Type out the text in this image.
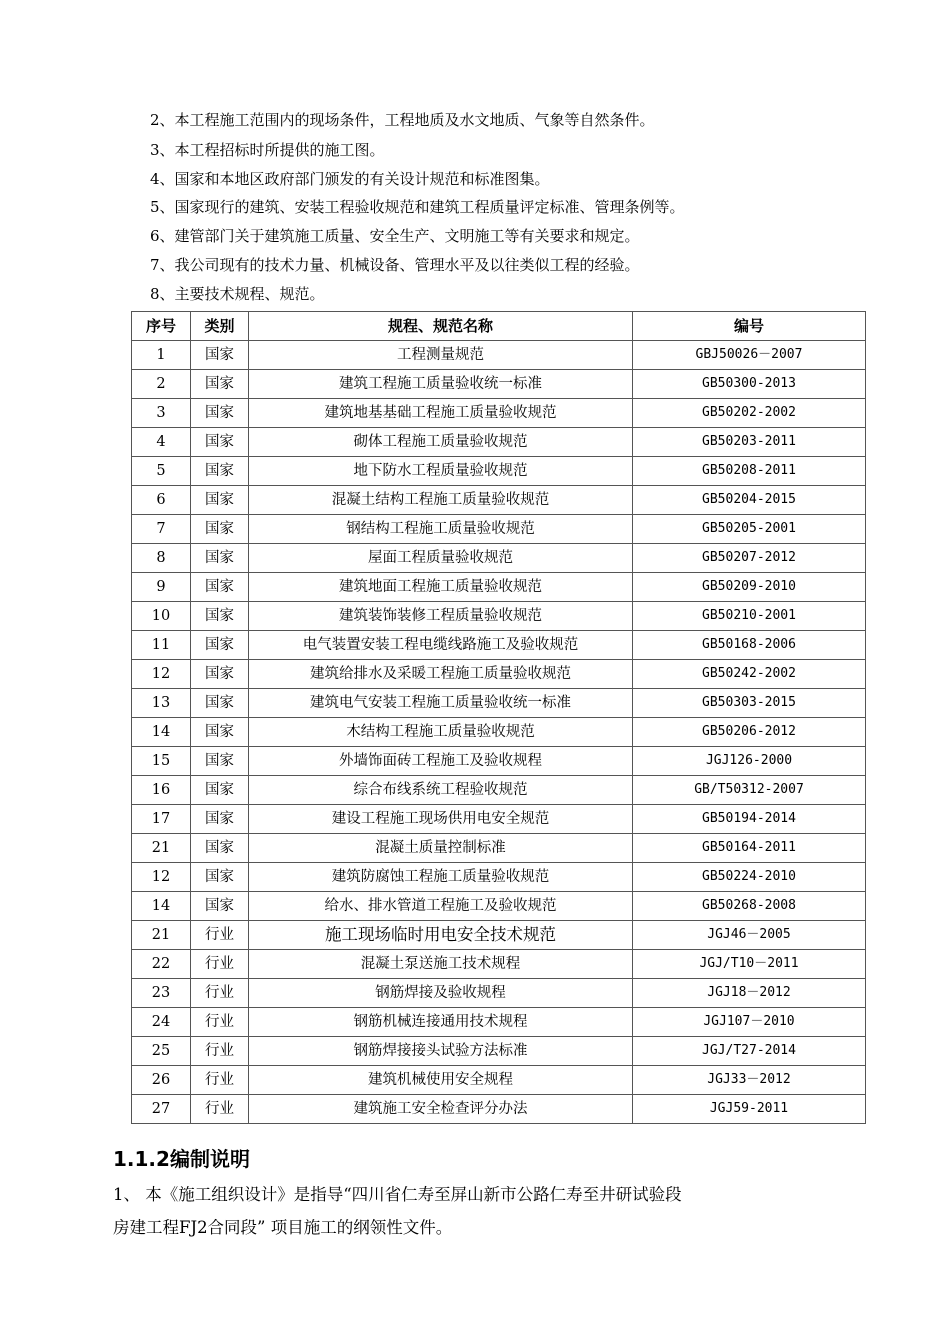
2、本工程施工范围内的现场条件，工程地质及水文地质、气象等自然条件。
3、本工程招标时所提供的施工图。
4、国家和本地区政府部门颁发的有关设计规范和标准图集。
5、国家现行的建筑、安装工程验收规范和建筑工程质量评定标准、管理条例等。
6、建管部门关于建筑施工质量、安全生产、文明施工等有关要求和规定。
7、我公司现有的技术力量、机械设备、管理水平及以往类似工程的经验。
8、主要技术规程、规范。
序号	类别	规程、规范名称	编号
1	国家	工程测量规范	GBJ50026－2007
2	国家	建筑工程施工质量验收统一标准	GB50300-2013
3	国家	建筑地基基础工程施工质量验收规范	GB50202-2002
4	国家	砌体工程施工质量验收规范	GB50203-2011
5	国家	地下防水工程质量验收规范	GB50208-2011
6	国家	混凝土结构工程施工质量验收规范	GB50204-2015
7	国家	钢结构工程施工质量验收规范	GB50205-2001
8	国家	屋面工程质量验收规范	GB50207-2012
9	国家	建筑地面工程施工质量验收规范	GB50209-2010
10	国家	建筑装饰装修工程质量验收规范	GB50210-2001
11	国家	电气装置安装工程电缆线路施工及验收规范	GB50168-2006
12	国家	建筑给排水及采暖工程施工质量验收规范	GB50242-2002
13	国家	建筑电气安装工程施工质量验收统一标准	GB50303-2015
14	国家	木结构工程施工质量验收规范	GB50206-2012
15	国家	外墙饰面砖工程施工及验收规程	JGJ126-2000
16	国家	综合布线系统工程验收规范	GB/T50312-2007
17	国家	建设工程施工现场供用电安全规范	GB50194-2014
21	国家	混凝土质量控制标准	GB50164-2011
12	国家	建筑防腐蚀工程施工质量验收规范	GB50224-2010
14	国家	给水、排水管道工程施工及验收规范	GB50268-2008
21	行业	施工现场临时用电安全技术规范	JGJ46－2005
22	行业	混凝土泵送施工技术规程	JGJ/T10－2011
23	行业	钢筋焊接及验收规程	JGJ18－2012
24	行业	钢筋机械连接通用技术规程	JGJ107－2010
25	行业	钢筋焊接接头试验方法标准	JGJ/T27-2014
26	行业	建筑机械使用安全规程	JGJ33－2012
27	行业	建筑施工安全检查评分办法	JGJ59-2011
1.1.2编制说明
1、 本《施工组织设计》是指导“四川省仁寿至屏山新市公路仁寿至井研试验段
房建工程FJ2合同段” 项目施工的纲领性文件。
